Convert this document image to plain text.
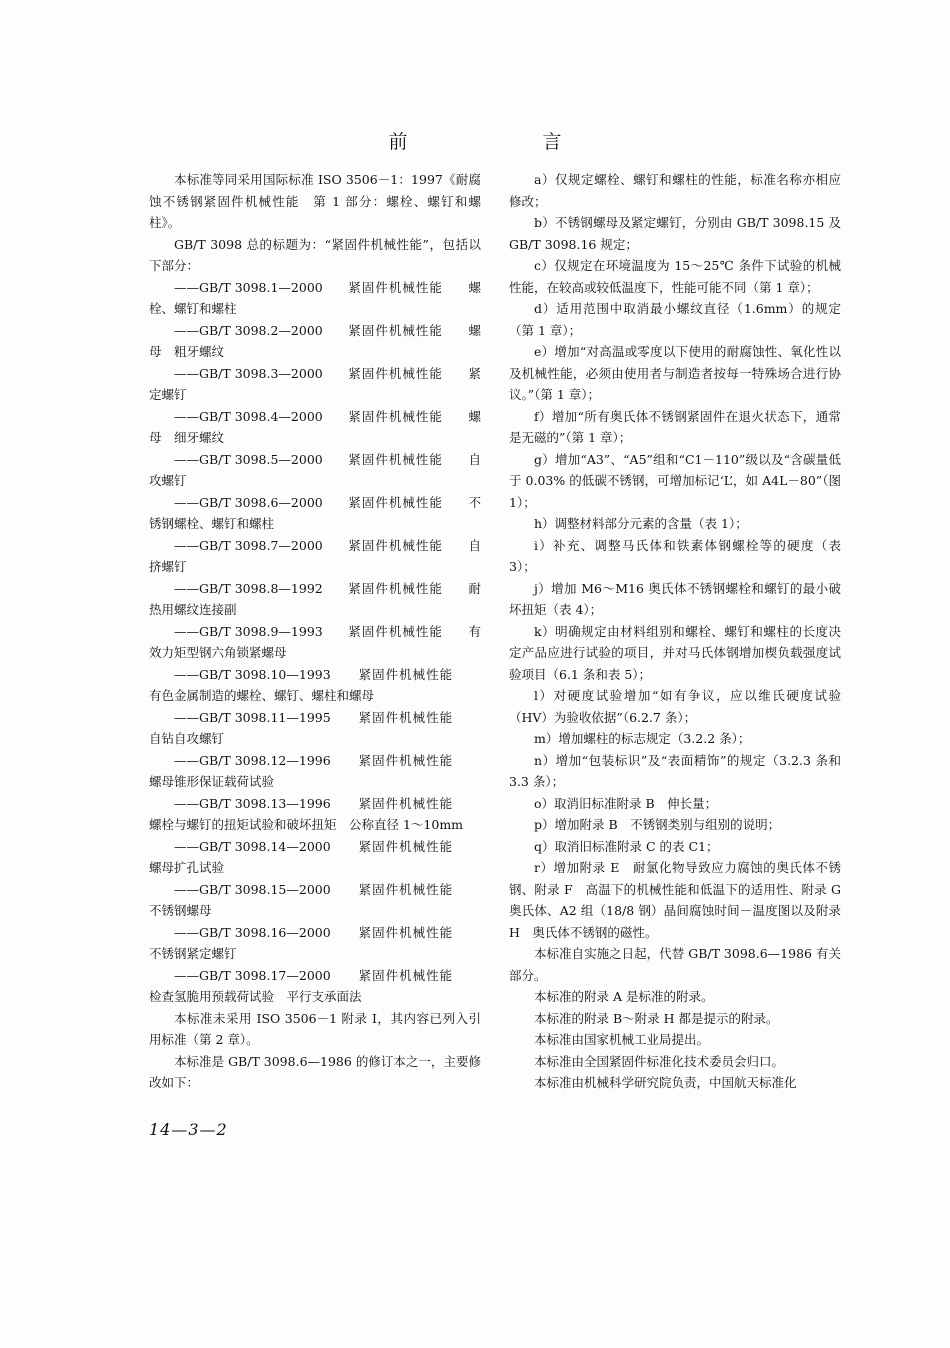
前　言
本标准等同采用国际标准 ISO 3506－1：1997《耐腐蚀不锈钢紧固件机械性能　第 1 部分：螺栓、螺钉和螺柱》。
GB/T 3098 总的标题为：“紧固件机械性能”，包括以下部分：
——GB/T 3098.1—2000 紧固件机械性能 螺
栓、螺钉和螺柱
——GB/T 3098.2—2000 紧固件机械性能 螺
母　粗牙螺纹
——GB/T 3098.3—2000 紧固件机械性能 紧
定螺钉
——GB/T 3098.4—2000 紧固件机械性能 螺
母　细牙螺纹
——GB/T 3098.5—2000 紧固件机械性能 自
攻螺钉
——GB/T 3098.6—2000 紧固件机械性能 不
锈钢螺栓、螺钉和螺柱
——GB/T 3098.7—2000 紧固件机械性能 自
挤螺钉
——GB/T 3098.8—1992 紧固件机械性能 耐
热用螺纹连接副
——GB/T 3098.9—1993 紧固件机械性能 有
效力矩型钢六角锁紧螺母
——GB/T 3098.10—1993 紧固件机械性能
有色金属制造的螺栓、螺钉、螺柱和螺母
——GB/T 3098.11—1995 紧固件机械性能
自钻自攻螺钉
——GB/T 3098.12—1996 紧固件机械性能
螺母锥形保证载荷试验
——GB/T 3098.13—1996 紧固件机械性能
螺栓与螺钉的扭矩试验和破坏扭矩　公称直径 1～10mm
——GB/T 3098.14—2000 紧固件机械性能
螺母扩孔试验
——GB/T 3098.15—2000 紧固件机械性能
不锈钢螺母
——GB/T 3098.16—2000 紧固件机械性能
不锈钢紧定螺钉
——GB/T 3098.17—2000 紧固件机械性能
检查氢脆用预载荷试验　平行支承面法
本标准未采用 ISO 3506－1 附录 I，其内容已列入引用标准（第 2 章）。
本标准是 GB/T 3098.6—1986 的修订本之一，主要修改如下：
a）仅规定螺栓、螺钉和螺柱的性能，标准名称亦相应修改；
b）不锈钢螺母及紧定螺钉，分别由 GB/T 3098.15 及 GB/T 3098.16 规定；
c）仅规定在环境温度为 15～25℃ 条件下试验的机械性能，在较高或较低温度下，性能可能不同（第 1 章）；
d）适用范围中取消最小螺纹直径（1.6mm）的规定（第 1 章）；
e）增加“对高温或零度以下使用的耐腐蚀性、氧化性以及机械性能，必须由使用者与制造者按每一特殊场合进行协议。”（第 1 章）；
f）增加“所有奥氏体不锈钢紧固件在退火状态下，通常是无磁的”（第 1 章）；
g）增加“A3”、“A5”组和“C1－110”级以及“含碳量低于 0.03% 的低碳不锈钢，可增加标记‘L’，如 A4L－80”（图 1）；
h）调整材料部分元素的含量（表 1）；
i）补充、调整马氏体和铁素体钢螺栓等的硬度（表 3）；
j）增加 M6～M16 奥氏体不锈钢螺栓和螺钉的最小破坏扭矩（表 4）；
k）明确规定由材料组别和螺栓、螺钉和螺柱的长度决定产品应进行试验的项目，并对马氏体钢增加楔负载强度试验项目（6.1 条和表 5）；
l）对硬度试验增加“如有争议，应以维氏硬度试验（HV）为验收依据”（6.2.7 条）；
m）增加螺柱的标志规定（3.2.2 条）；
n）增加“包装标识”及“表面精饰”的规定（3.2.3 条和 3.3 条）；
o）取消旧标准附录 B　伸长量；
p）增加附录 B　不锈钢类别与组别的说明；
q）取消旧标准附录 C 的表 C1；
r）增加附录 E　耐氯化物导致应力腐蚀的奥氏体不锈钢、附录 F　高温下的机械性能和低温下的适用性、附录 G　奥氏体、A2 组（18/8 钢）晶间腐蚀时间－温度图以及附录 H　奥氏体不锈钢的磁性。
本标准自实施之日起，代替 GB/T 3098.6—1986 有关部分。
本标准的附录 A 是标准的附录。
本标准的附录 B～附录 H 都是提示的附录。
本标准由国家机械工业局提出。
本标准由全国紧固件标准化技术委员会归口。
本标准由机械科学研究院负责，中国航天标准化
14—3—2
